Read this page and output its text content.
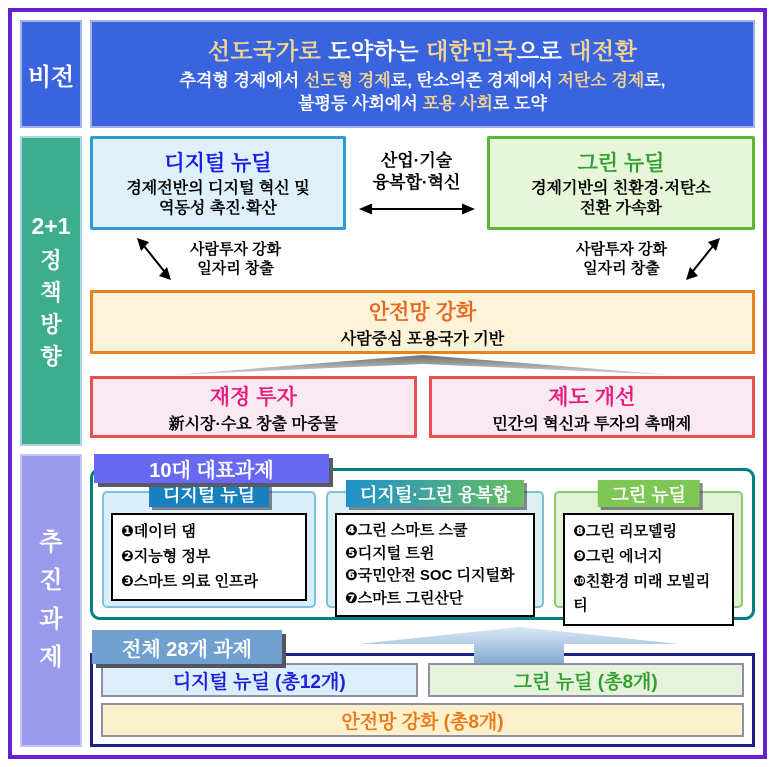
비전
선도국가로 도약하는 대한민국으로 대전환
추격형 경제에서 선도형 경제로, 탄소의존 경제에서 저탄소 경제로,
불평등 사회에서 포용 사회로 도약
2+1
정
책
방
향
디지털 뉴딜
경제전반의 디지털 혁신 및
역동성 촉진·확산
산업·기술
융복합·혁신
그린 뉴딜
경제기반의 친환경·저탄소
전환 가속화
사람투자 강화
일자리 창출
사람투자 강화
일자리 창출
안전망 강화
사람중심 포용국가 기반
재정 투자
新시장·수요 창출 마중물
제도 개선
민간의 혁신과 투자의 촉매제
추
진
과
제
10대 대표과제
디지털 뉴딜
❶데이터 댐
❷지능형 정부
❸스마트 의료 인프라
디지털·그린 융복합
❹그린 스마트 스쿨
❺디지털 트윈
❻국민안전 SOC 디지털화
❼스마트 그린산단
그린 뉴딜
❽그린 리모델링
❾그린 에너지
❿친환경 미래 모빌리티
전체 28개 과제
디지털 뉴딜 (총12개)	그린 뉴딜 (총8개)
안전망 강화 (총8개)
